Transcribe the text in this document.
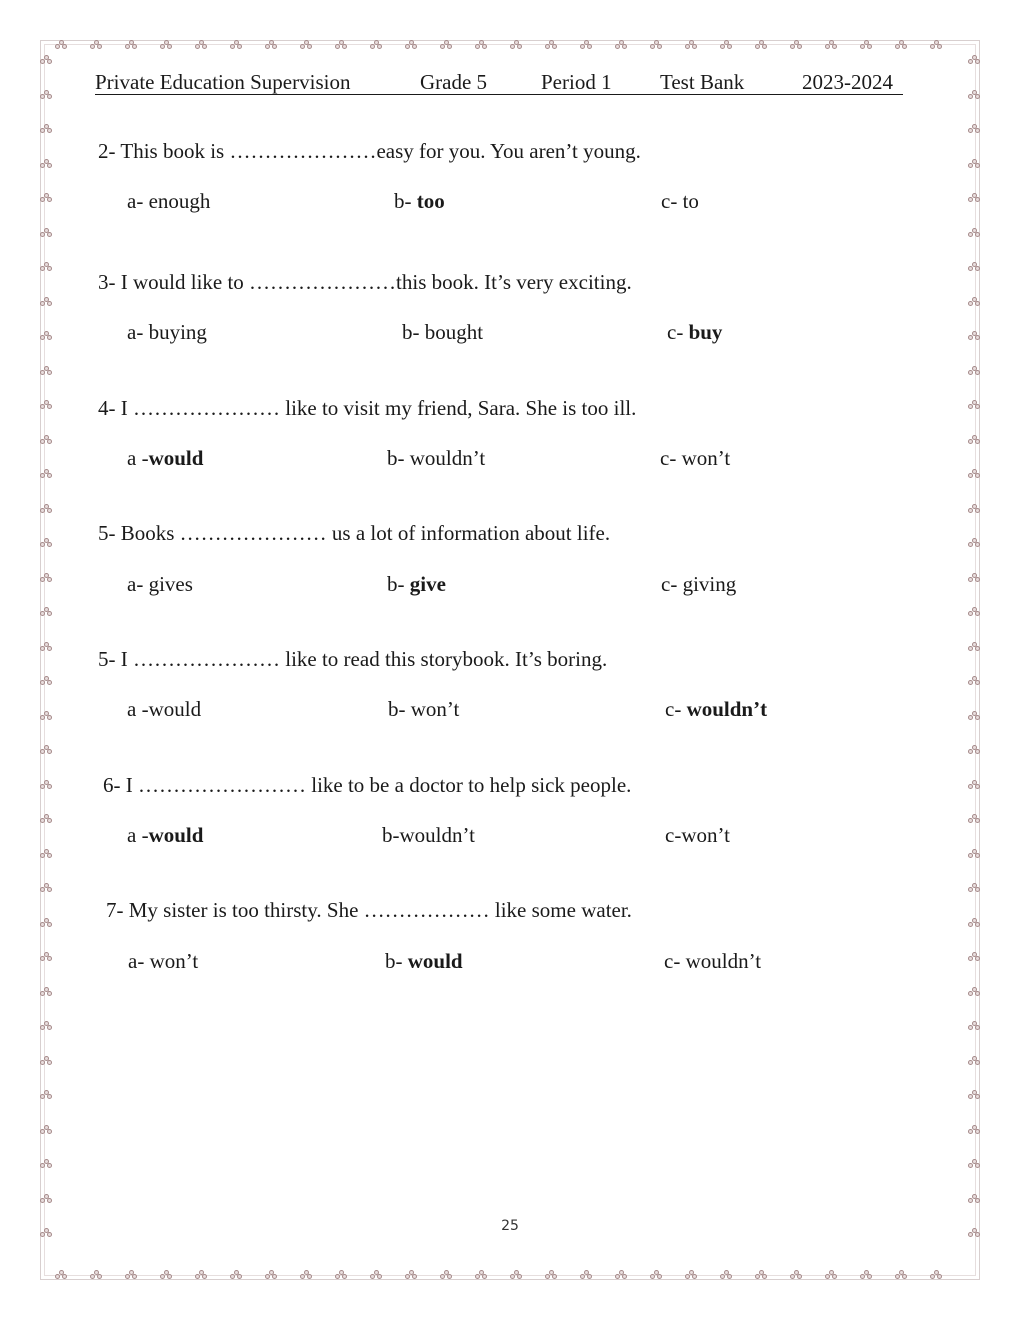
Private Education Supervision	Grade 5	Period 1 Test Bank	2023-2024
2- This book is …………………easy for you. You aren’t young.
a- enough	b- too	c- to
3- I would like to …………………this book. It’s very exciting.
a- buying	b- bought	c- buy
4- I ………………… like to visit my friend, Sara. She is too ill.
a -would	b- wouldn’t	c- won’t
5- Books ………………… us a lot of information about life.
a- gives	b- give	c- giving
5- I ………………… like to read this storybook. It’s boring.
a -would	b- won’t	c- wouldn’t
6- I …………………… like to be a doctor to help sick people.
a -would	b-wouldn’t	c-won’t
7- My sister is too thirsty. She ……………… like some water.
a- won’t	b- would	c- wouldn’t
25
